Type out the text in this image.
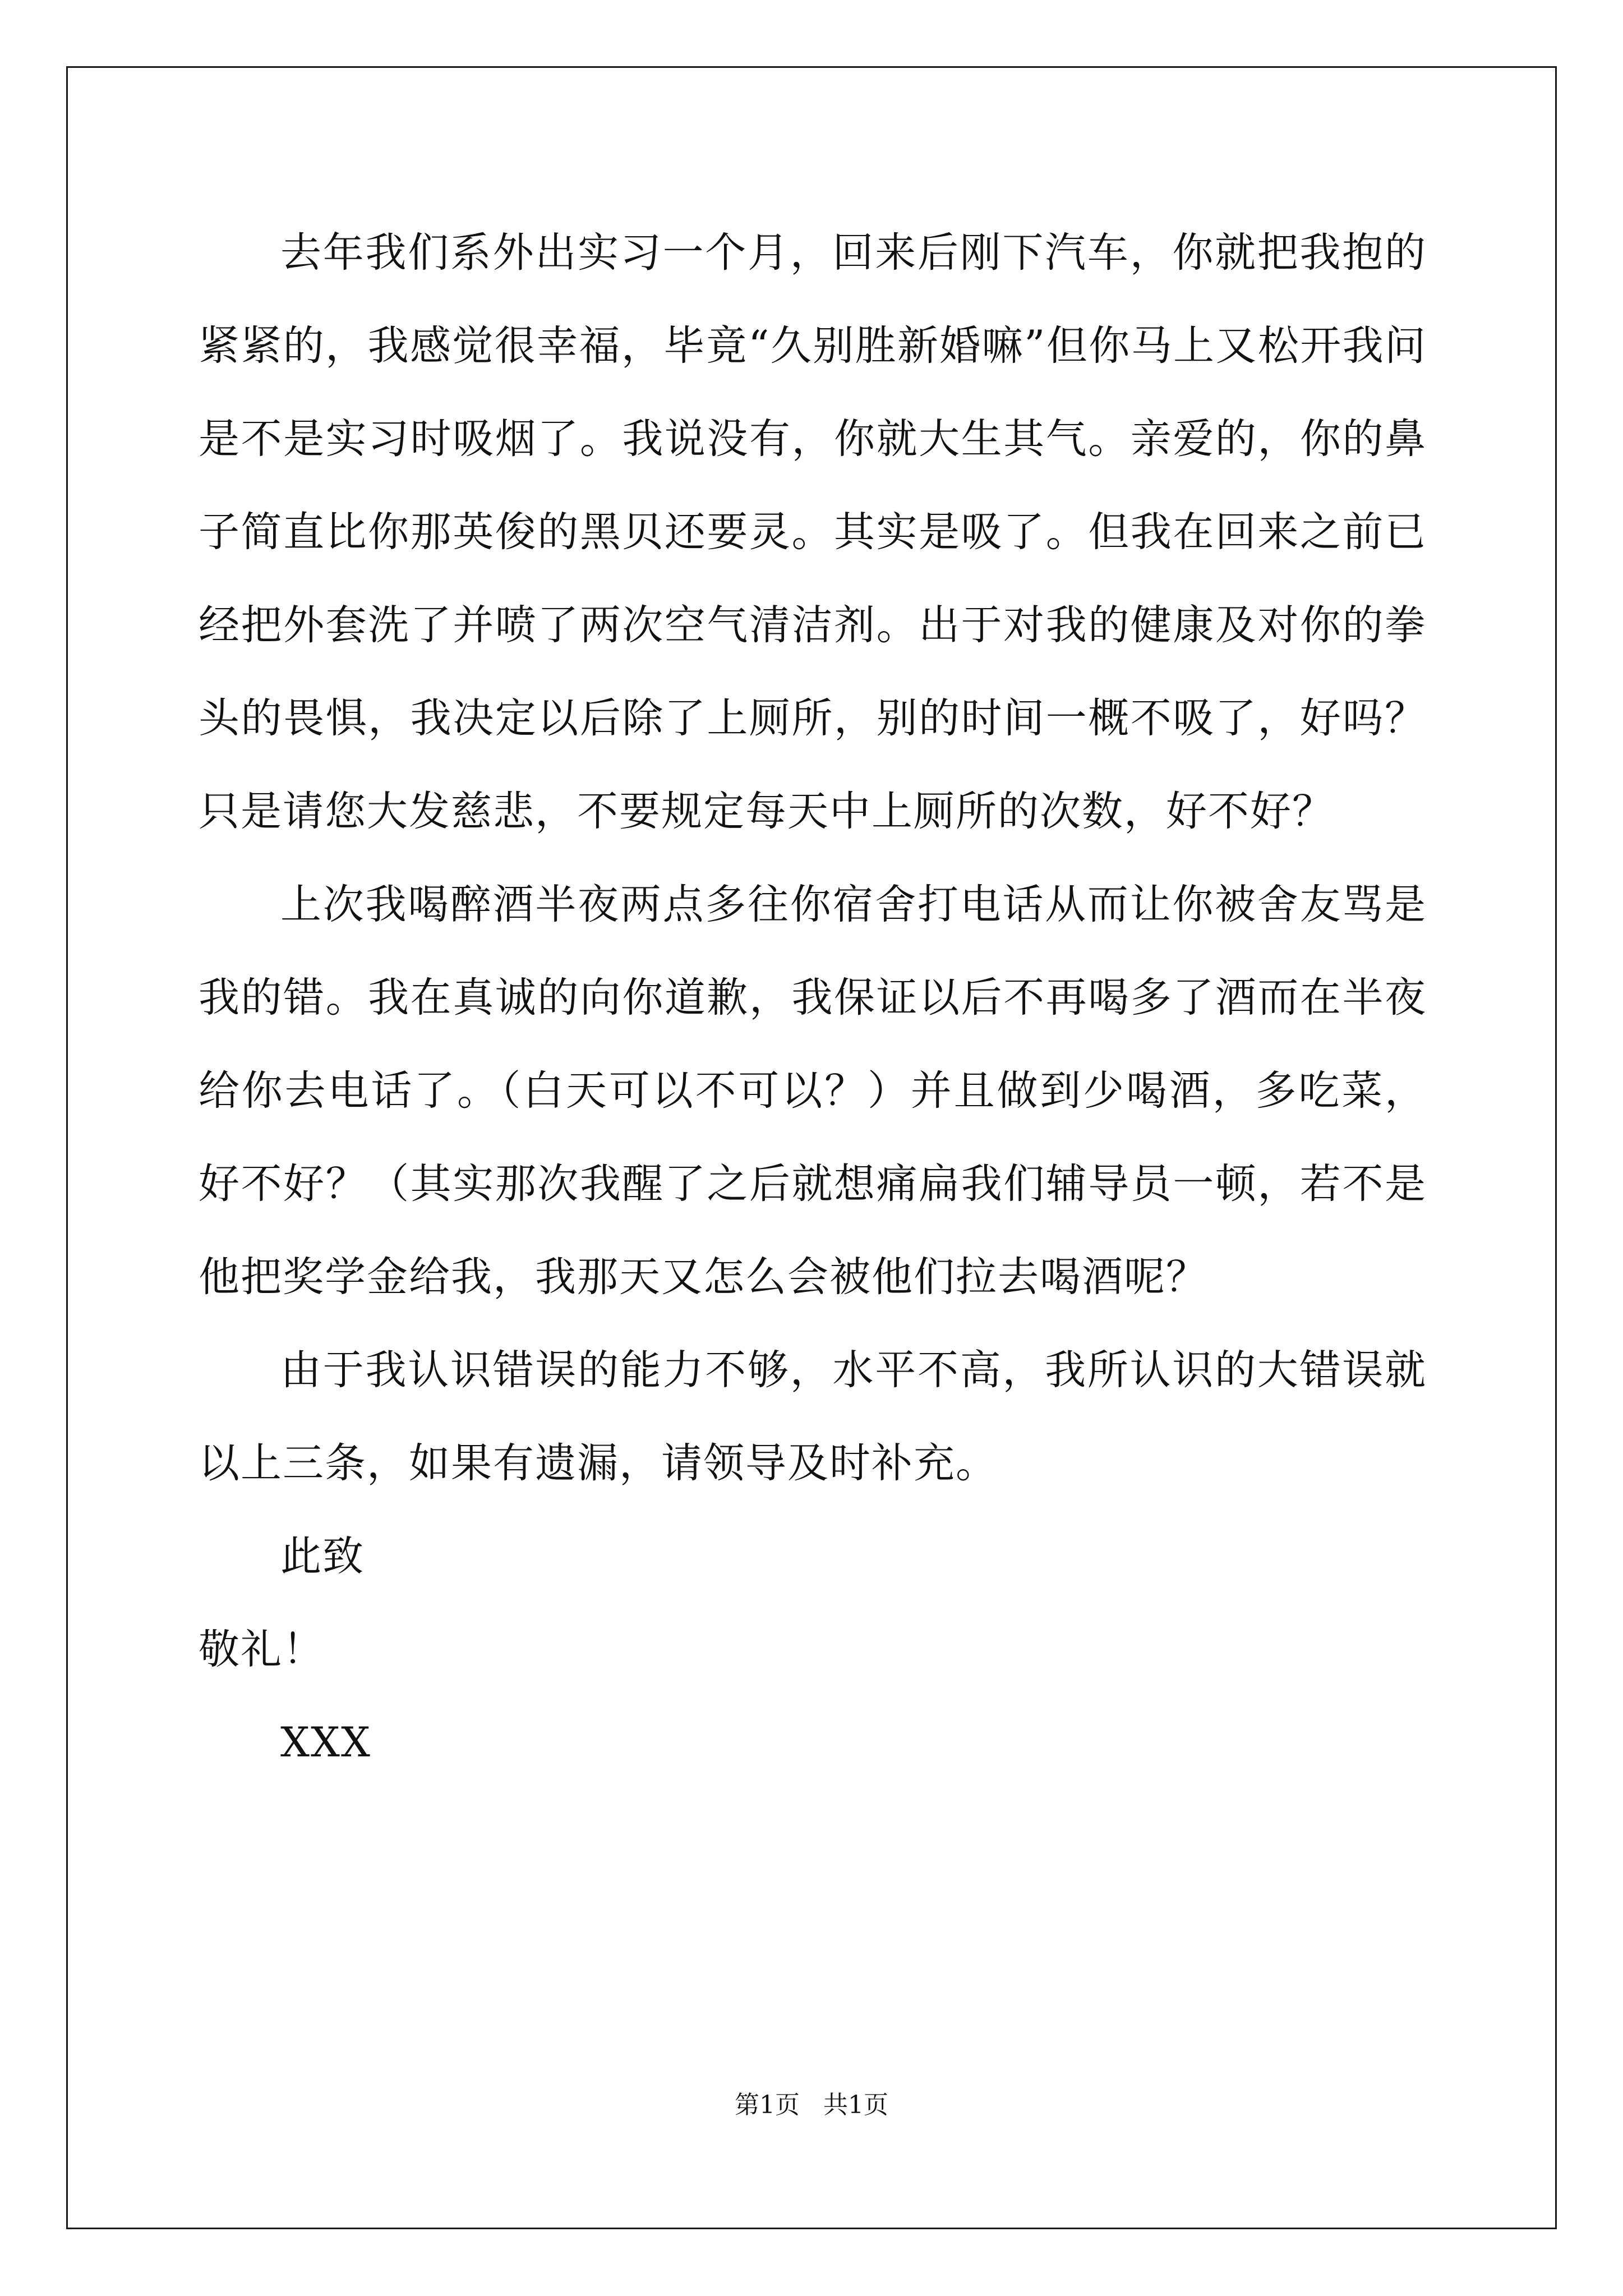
去年我们系外出实习一个月，回来后刚下汽车，你就把我抱的紧紧的，我感觉很幸福，毕竟“久别胜新婚嘛”但你马上又松开我问是不是实习时吸烟了。我说没有，你就大生其气。亲爱的，你的鼻子简直比你那英俊的黑贝还要灵。其实是吸了。但我在回来之前已经把外套洗了并喷了两次空气清洁剂。出于对我的健康及对你的拳头的畏惧，我决定以后除了上厕所，别的时间一概不吸了，好吗？只是请您大发慈悲，不要规定每天中上厕所的次数，好不好？

上次我喝醉酒半夜两点多往你宿舍打电话从而让你被舍友骂是我的错。我在真诚的向你道歉，我保证以后不再喝多了酒而在半夜给你去电话了。（白天可以不可以？）并且做到少喝酒，多吃菜，好不好？（其实那次我醒了之后就想痛扁我们辅导员一顿，若不是他把奖学金给我，我那天又怎么会被他们拉去喝酒呢？

由于我认识错误的能力不够，水平不高，我所认识的大错误就以上三条，如果有遗漏，请领导及时补充。

此致

敬礼！

XXX

第1页 共1页
